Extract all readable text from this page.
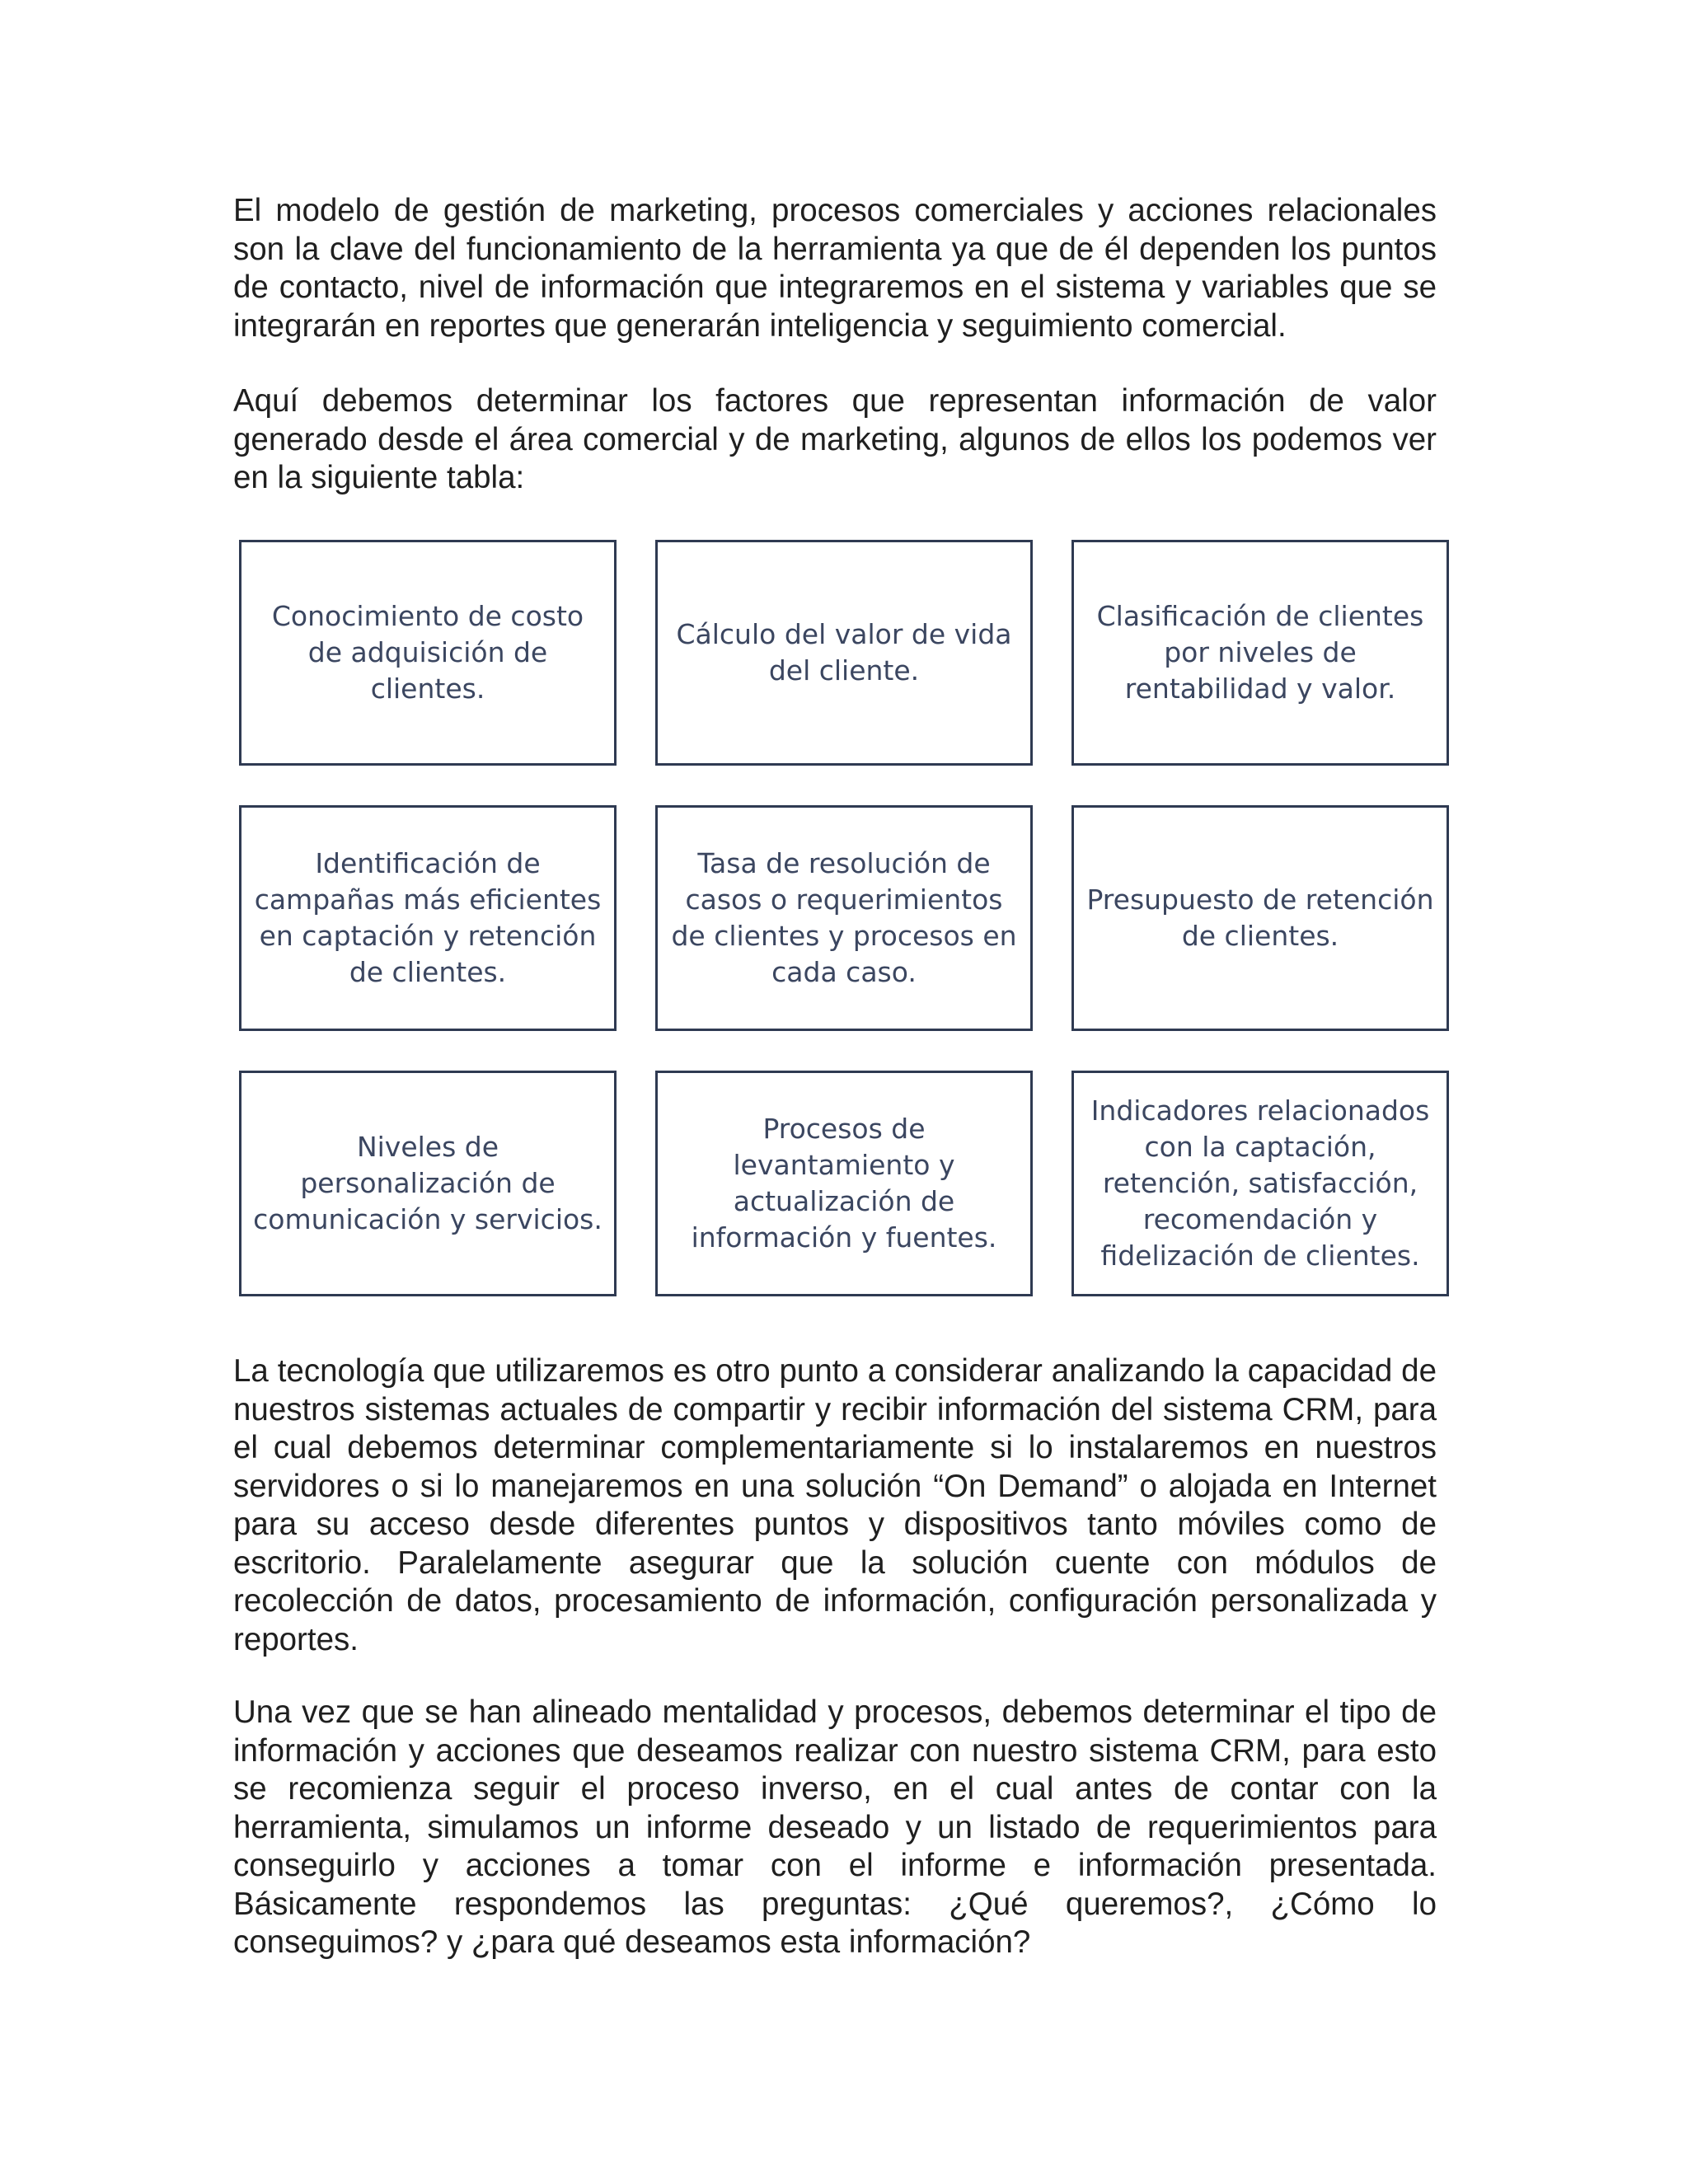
El modelo de gestión de marketing, procesos comerciales y acciones relacionales son la clave del funcionamiento de la herramienta ya que de él dependen los puntos de contacto, nivel de información que integraremos en el sistema y variables que se integrarán en reportes que generarán inteligencia y seguimiento comercial.

Aquí debemos determinar los factores que representan información de valor generado desde el área comercial y de marketing, algunos de ellos los podemos ver en la siguiente tabla:

Conocimiento de costo de adquisición de clientes.
Cálculo del valor de vida del cliente.
Clasificación de clientes por niveles de rentabilidad y valor.
Identificación de campañas más eficientes en captación y retención de clientes.
Tasa de resolución de casos o requerimientos de clientes y procesos en cada caso.
Presupuesto de retención de clientes.
Niveles de personalización de comunicación y servicios.
Procesos de levantamiento y actualización de información y fuentes.
Indicadores relacionados con la captación, retención, satisfacción, recomendación y fidelización de clientes.

La tecnología que utilizaremos es otro punto a considerar analizando la capacidad de nuestros sistemas actuales de compartir y recibir información del sistema CRM, para el cual debemos determinar complementariamente si lo instalaremos en nuestros servidores o si lo manejaremos en una solución “On Demand” o alojada en Internet para su acceso desde diferentes puntos y dispositivos tanto móviles como de escritorio. Paralelamente asegurar que la solución cuente con módulos de recolección de datos, procesamiento de información, configuración personalizada y reportes.

Una vez que se han alineado mentalidad y procesos, debemos determinar el tipo de información y acciones que deseamos realizar con nuestro sistema CRM, para esto se recomienza seguir el proceso inverso, en el cual antes de contar con la herramienta, simulamos un informe deseado y un listado de requerimientos para conseguirlo y acciones a tomar con el informe e información presentada. Básicamente respondemos las preguntas: ¿Qué queremos?, ¿Cómo lo conseguimos? y ¿para qué deseamos esta información?
